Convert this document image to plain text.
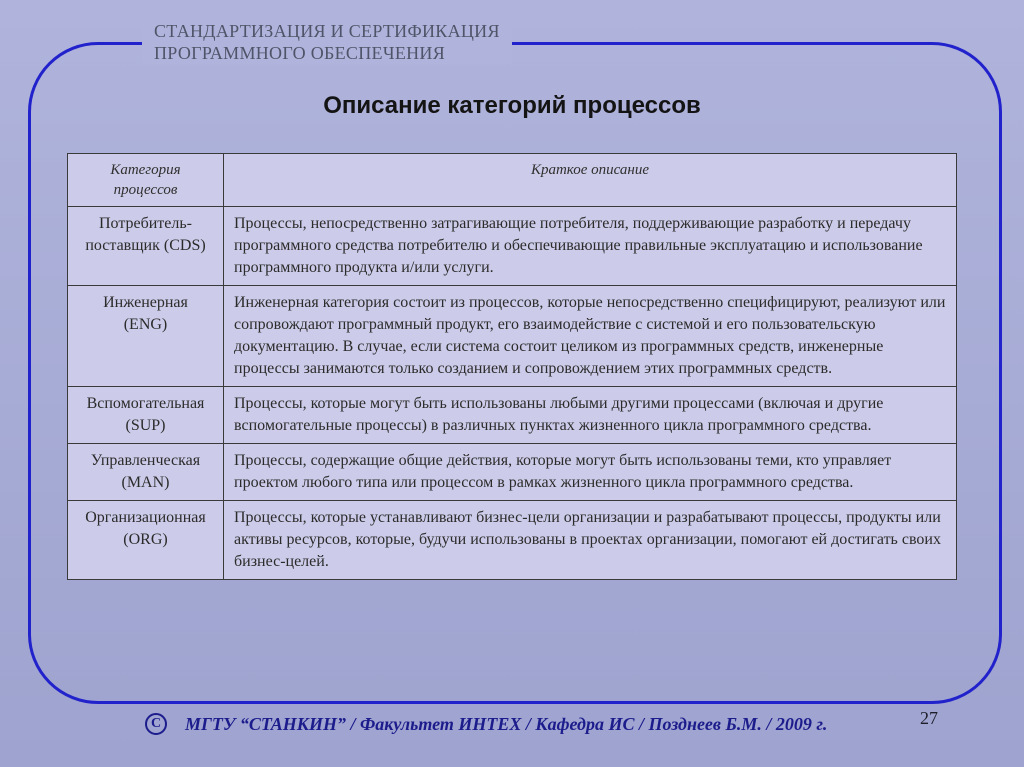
СТАНДАРТИЗАЦИЯ И СЕРТИФИКАЦИЯ
ПРОГРАММНОГО ОБЕСПЕЧЕНИЯ
Описание категорий процессов
Категория
процессов	Краткое описание

Потребитель-
поставщик (CDS)	Процессы, непосредственно затрагивающие потребителя, поддерживающие разработку и передачу программного средства потребителю и обеспечивающие правильные эксплуатацию и использование программного продукта и/или услуги.

Инженерная
(ENG)	Инженерная категория состоит из процессов, которые непосредственно специфицируют, реализуют или сопровождают программный продукт, его взаимодействие с системой и его пользовательскую документацию. В случае, если система состоит целиком из программных средств, инженерные процессы занимаются только созданием и сопровождением этих программных средств.

Вспомогательная
(SUP)	Процессы, которые могут быть использованы любыми другими процессами (включая и другие вспомогательные процессы) в различных пунктах жизненного цикла программного средства.

Управленческая
(MAN)	Процессы, содержащие общие действия, которые могут быть использованы теми, кто управляет проектом любого типа или процессом в рамках жизненного цикла программного средства.

Организационная
(ORG)	Процессы, которые устанавливают бизнес-цели организации и разрабатывают процессы, продукты или активы ресурсов, которые, будучи использованы в проектах организации, помогают ей достигать своих бизнес-целей.
C	МГТУ “СТАНКИН” / Факультет ИНТЕХ / Кафедра ИС / Позднеев Б.М. / 2009 г.	27
